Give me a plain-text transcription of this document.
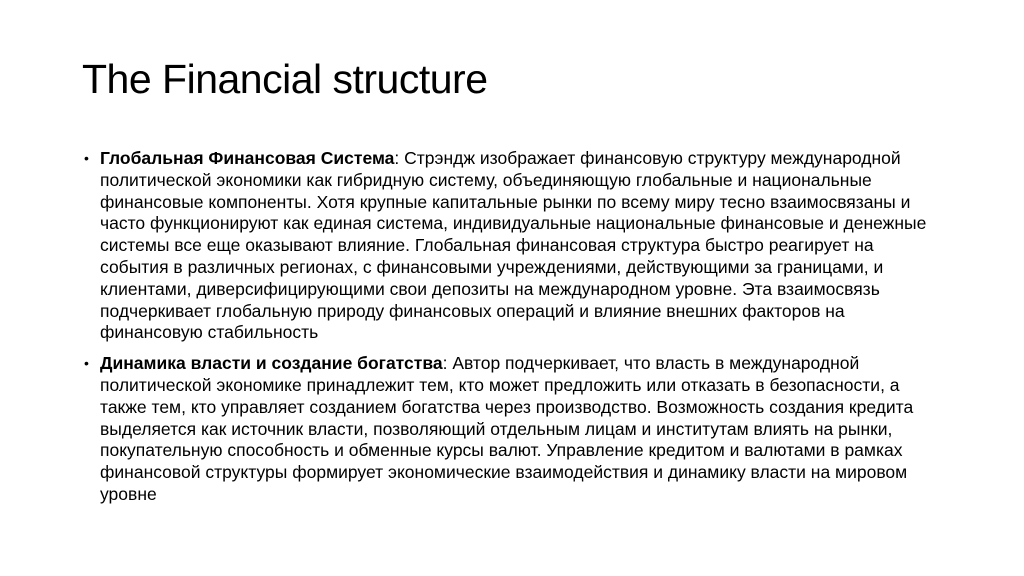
The Financial structure
• Глобальная Финансовая Система: Стрэндж изображает финансовую структуру международной политической экономики как гибридную систему, объединяющую глобальные и национальные финансовые компоненты. Хотя крупные капитальные рынки по всему миру тесно взаимосвязаны и часто функционируют как единая система, индивидуальные национальные финансовые и денежные системы все еще оказывают влияние. Глобальная финансовая структура быстро реагирует на события в различных регионах, с финансовыми учреждениями, действующими за границами, и клиентами, диверсифицирующими свои депозиты на международном уровне. Эта взаимосвязь подчеркивает глобальную природу финансовых операций и влияние внешних факторов на финансовую стабильность
• Динамика власти и создание богатства: Автор подчеркивает, что власть в международной политической экономике принадлежит тем, кто может предложить или отказать в безопасности, а также тем, кто управляет созданием богатства через производство. Возможность создания кредита выделяется как источник власти, позволяющий отдельным лицам и институтам влиять на рынки, покупательную способность и обменные курсы валют. Управление кредитом и валютами в рамках финансовой структуры формирует экономические взаимодействия и динамику власти на мировом уровне
